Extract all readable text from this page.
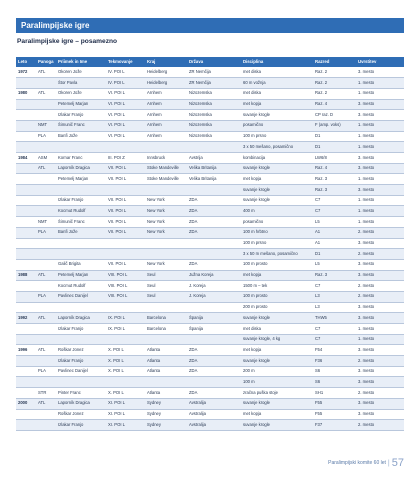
Paralimpijske igre
Paralimpijske igre – posamezno
Leto	Panoga	Priimek in Ime	Tekmovanje	Kraj	Država	Disciplina	Razred	Uvrstitev
1972	ATL	Okoren Jože	IV. POI L	Heidelberg	ZR Nemčija	met diska	Raz. 2	3. mesto
		Štor Pavla	IV. POI L	Heidelberg	ZR Nemčija	60 m vožnja	Raz. 2	1. mesto
1980	ATL	Okoren Jože	VI. POI L	Arnhem	Nizozemska	met diska	Raz. 2	1. mesto
		Petemelj Marjan	VI. POI L	Arnhem	Nizozemska	met kopja	Raz. 4	3. mesto
		Izlakar Franjo	VI. POI L	Arnhem	Nizozemska	suvanje krogle	CP raz. D	3. mesto
	NMT	Šimunič Franc	VI. POI L	Arnhem	Nizozemska	posamično	F (amp. voks)	1. mesto
	PLA	Banfi Jože	VI. POI L	Arnhem	Nizozemska	100 m prsno	D1	1. mesto
						3 x 50 mešano, posamično	D1	1. mesto
1984	ASM	Kornar Franc	III. POI Z	Innsbruck	Avstrija	kombinacija	LW6/8	3. mesto
	ATL	Laporník Dragica	VII. POI L	Stoke Mandeville	Velika Britanija	suvanje krogle	Raz. 4	3. mesto
		Petemelj Marjan	VII. POI L	Stoke Mandeville	Velika Britanija	met kopja	Raz. 3	1. mesto
						suvanje krogle	Raz. 3	3. mesto
		Izlakar Franjo	VII. POI L	New York	ZDA	suvanje krogle	C7	1. mesto
		Kocmut Rudolf	VII. POI L	New York	ZDA	400 m	C7	1. mesto
	NMT	Šimunič Franc	VII. POI L	New York	ZDA	posamično	L5	1. mesto
	PLA	Banfi Jože	VII. POI L	New York	ZDA	100 m hrbtno	A1	2. mesto
						100 m prsno	A1	3. mesto
						3 x 50 m mešano, posamično	D1	2. mesto
		Galič Brigita	VII. POI L	New York	ZDA	100 m prosto	L5	3. mesto
1988	ATL	Petemelj Marjan	VIII. POI L	Seul	Južna Koreja	met kopja	Raz. 3	3. mesto
		Kocmut Rudolf	VIII. POI L	Seul	J. Koreja	1500 m – tek	C7	2. mesto
	PLA	Pavlinec Danijel	VIII. POI L	Seul	J. Koreja	100 m prosto	L3	2. mesto
						200 m prosto	L3	3. mesto
1992	ATL	Laporník Dragica	IX. POI L	Barcelona	Španija	suvanje krogle	THW5	3. mesto
		Izlakar Franjo	IX. POI L	Barcelona	Španija	met diska	C7	1. mesto
						suvanje krogle, 4 kg	C7	1. mesto
1996	ATL	Roškar Jonez	X. POI L	Atlanta	ZDA	met kopja	F54	3. mesto
		Izlakar Franjo	X. POI L	Atlanta	ZDA	suvanje krogle	F36	2. mesto
	PLA	Pavlinec Danijel	X. POI L	Atlanta	ZDA	200 m	S6	3. mesto
						100 m	S6	3. mesto
	STR	Pinter Franc	X. POI L	Atlanta	ZDA	zračna puška stoje	SH1	2. mesto
2000	ATL	Laporník Dragica	XI. POI L	Sydney	Avstralija	suvanje krogle	F55	3. mesto
		Roškar Jonez	XI. POI L	Sydney	Avstralija	met kopja	F55	3. mesto
		Izlakar Franjo	XI. POI L	Sydney	Avstralija	suvanje krogle	F37	2. mesto
Paralimpijski komite 60 let | 57
